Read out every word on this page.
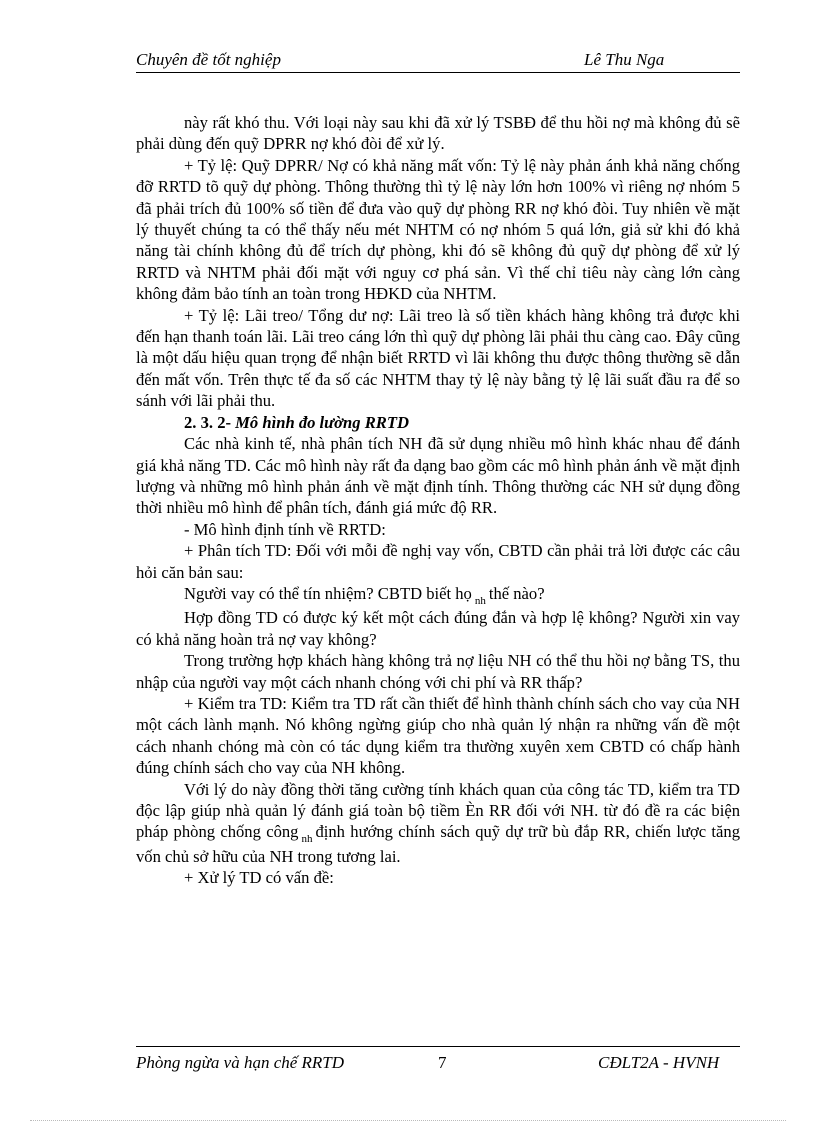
Chuyên đề tốt nghiệp	Lê Thu Nga

này rất khó thu. Với loại này sau khi đã xử lý TSBĐ để thu hồi nợ mà không đủ sẽ phải dùng đến quỹ DPRR nợ khó đòi để xử lý.

+ Tỷ lệ: Quỹ DPRR/ Nợ có khả năng mất vốn: Tỷ lệ này phản ánh khả năng chống đỡ RRTD tõ quỹ dự phòng. Thông thường thì tỷ lệ này lớn hơn 100% vì riêng nợ nhóm 5 đã phải trích đủ 100% số tiền để đưa vào quỹ dự phòng RR nợ khó đòi. Tuy nhiên về mặt lý thuyết chúng ta có thể thấy nếu mét NHTM có nợ nhóm 5 quá lớn, giả sử khi đó khả năng tài chính không đủ để trích dự phòng, khi đó sẽ không đủ quỹ dự phòng để xử lý RRTD và NHTM phải đối mặt với nguy cơ phá sản. Vì thế chỉ tiêu này càng lớn càng không đảm bảo tính an toàn trong HĐKD của NHTM.

+ Tỷ lệ: Lãi treo/ Tổng dư nợ: Lãi treo là số tiền khách hàng không trả được khi đến hạn thanh toán lãi. Lãi treo cáng lớn thì quỹ dự phòng lãi phải thu càng cao. Đây cũng là một dấu hiệu quan trọng để nhận biết RRTD vì lãi không thu được thông thường sẽ dẫn đến mất vốn. Trên thực tế đa số các NHTM thay tỷ lệ này bằng tỷ lệ lãi suất đầu ra để so sánh với lãi phải thu.

2. 3. 2- Mô hình đo lường RRTD

Các nhà kinh tế, nhà phân tích NH đã sử dụng nhiều mô hình khác nhau để đánh giá khả năng TD. Các mô hình này rất đa dạng bao gồm các mô hình phản ánh về mặt định lượng và những mô hình phản ánh về mặt định tính. Thông thường các NH sử dụng đồng thời nhiều mô hình để phân tích, đánh giá mức độ RR.

- Mô hình định tính về RRTD:

+ Phân tích TD: Đối với mỗi đề nghị vay vốn, CBTD cần phải trả lời được các câu hỏi căn bản sau:

Người vay có thể tín nhiệm? CBTD biết họ $_{nh}$ thế nào?

Hợp đồng TD có được ký kết một cách đúng đắn và hợp lệ không? Người xin vay có khả năng hoàn trả nợ vay không?

Trong trường hợp khách hàng không trả nợ liệu NH có thể thu hồi nợ bằng TS, thu nhập của người vay một cách nhanh chóng với chi phí và RR thấp?

+ Kiểm tra TD: Kiểm tra TD rất cần thiết để hình thành chính sách cho vay của NH một cách lành mạnh. Nó không ngừng giúp cho nhà quản lý nhận ra những vấn đề một cách nhanh chóng mà còn có tác dụng kiểm tra thường xuyên xem CBTD có chấp hành đúng chính sách cho vay của NH không.

Với lý do này đồng thời tăng cường tính khách quan của công tác TD, kiểm tra TD độc lập giúp nhà quản lý đánh giá toàn bộ tiềm Èn RR đối với NH. từ đó đề ra các biện pháp phòng chống công $_{nh}$ định hướng chính sách quỹ dự trữ bù đắp RR, chiến lược tăng vốn chủ sở hữu của NH trong tương lai.

+ Xử lý TD có vấn đề:

Phòng ngừa và hạn chế RRTD	7	CĐLT2A - HVNH
